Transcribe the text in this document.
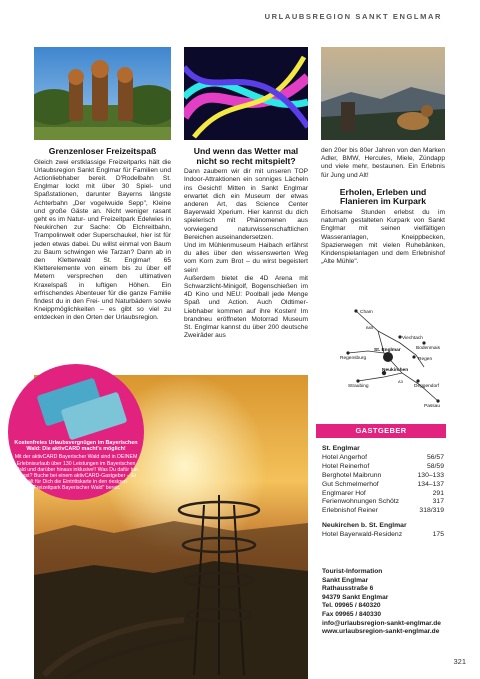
URLAUBSREGION SANKT ENGLMAR
Grenzenloser Freizeitspaß

Gleich zwei erstklassige Freizeitparks hält die Urlaubsregion Sankt Englmar für Familien und Actionliebhaber bereit. D'Rodelbahn St. Englmar lockt mit über 30 Spiel- und Spaßstationen, darunter Bayerns längste Achterbahn „Der vogelwuide Sepp", Kleine und große Gäste an. Nicht weniger rasant geht es im Natur- und Freizeitpark Edelwies in Neukirchen zur Sache: Ob Elchreitbahn, Trampolinwelt oder Superschaukel, hier ist für jeden etwas dabei. Du willst einmal von Baum zu Baum schwingen wie Tarzan? Dann ab in den Kletterwald St. Englmar! 65 Kletterelemente von einem bis zu über elf Metern versprechen den ultimativen Kraxelspaß in luftigen Höhen. Ein erfrischendes Abenteuer für die ganze Familie findest du in den Frei- und Naturbädern sowie Kneippmöglichkeiten – es gibt so viel zu entdecken in den Orten der Urlaubsregion.

Und wenn das Wetter mal nicht so recht mitspielt?

Dann zaubern wir dir mit unseren TOP Indoor-Attraktionen ein sonniges Lächeln ins Gesicht! Mitten in Sankt Englmar erwartet dich ein Museum der etwas anderen Art, das Science Center Bayerwald Xperium. Hier kannst du dich spielerisch mit Phänomenen aus vorwiegend naturwissenschaftlichen Bereichen auseinandersetzen.

Und im Mühlenmuseum Haibach erfährst du alles über den wissenswerten Weg vom Korn zum Brot – du wirst begeistert sein!

Außerdem bietet die 4D Arena mit Schwarzlicht-Minigolf, Bogenschießen im 4D Kino und NEU: Poolball jede Menge Spaß und Action. Auch Oldtimer-Liebhaber kommen auf ihre Kosten! Im brandneu eröffneten Motorrad Museum St. Englmar kannst du über 200 deutsche Zweiräder aus

den 20er bis 80er Jahren von den Marken Adler, BMW, Hercules, Miele, Zündapp und viele mehr, bestaunen. Ein Erlebnis für Jung und Alt!

Erholen, Erleben und Flanieren im Kurpark

Erholsame Stunden erlebst du im naturnah gestalteten Kurpark von Sankt Englmar mit seinen vielfältigen Wasseranlagen, Kneippbecken, Spazierwegen mit vielen Ruhebänken, Kindenspielanlagen und dem Erlebnishof „Alte Mühle".

Cham
Viechtach
Bodenmais
St. Englmar
Regen
Regensburg
Neukirchen
Straubing	Deggendorf
Passau
B85
A3
Kostenfreies Urlaubsvergnügen im Bayerischen Wald: Die aktivCARD macht's möglich!
Mit der aktivCARD Bayerischer Wald sind in DEINEM Erlebnisurlaub über 130 Leistungen im Bayerischen Wald und darüber hinaus inklusive!! Was Du dafür tun musst? Buche bei einem aktivCARD-Gastgeber – Er hält für Dich die Eintrittskarte in den riesigen „Freizeitpark Bayerischer Wald" bereit.
GASTGEBER
St. Englmar
Hotel Angerhof	56/57
Hotel Reinerhof	58/59
Berghotel Maibrunn	130–133
Gut Schmelmerhof	134–137
Englmarer Hof	291
Ferienwohnungen Schötz	317
Erlebnishof Reiner	318/319
Neukirchen b. St. Englmar
Hotel Bayerwald-Residenz	175
Tourist-Information
Sankt Englmar
Rathausstraße 6
94379 Sankt Englmar
Tel. 09965 / 840320
Fax 09965 / 840330
info@urlaubsregion-sankt-englmar.de
www.urlaubsregion-sankt-englmar.de
321
